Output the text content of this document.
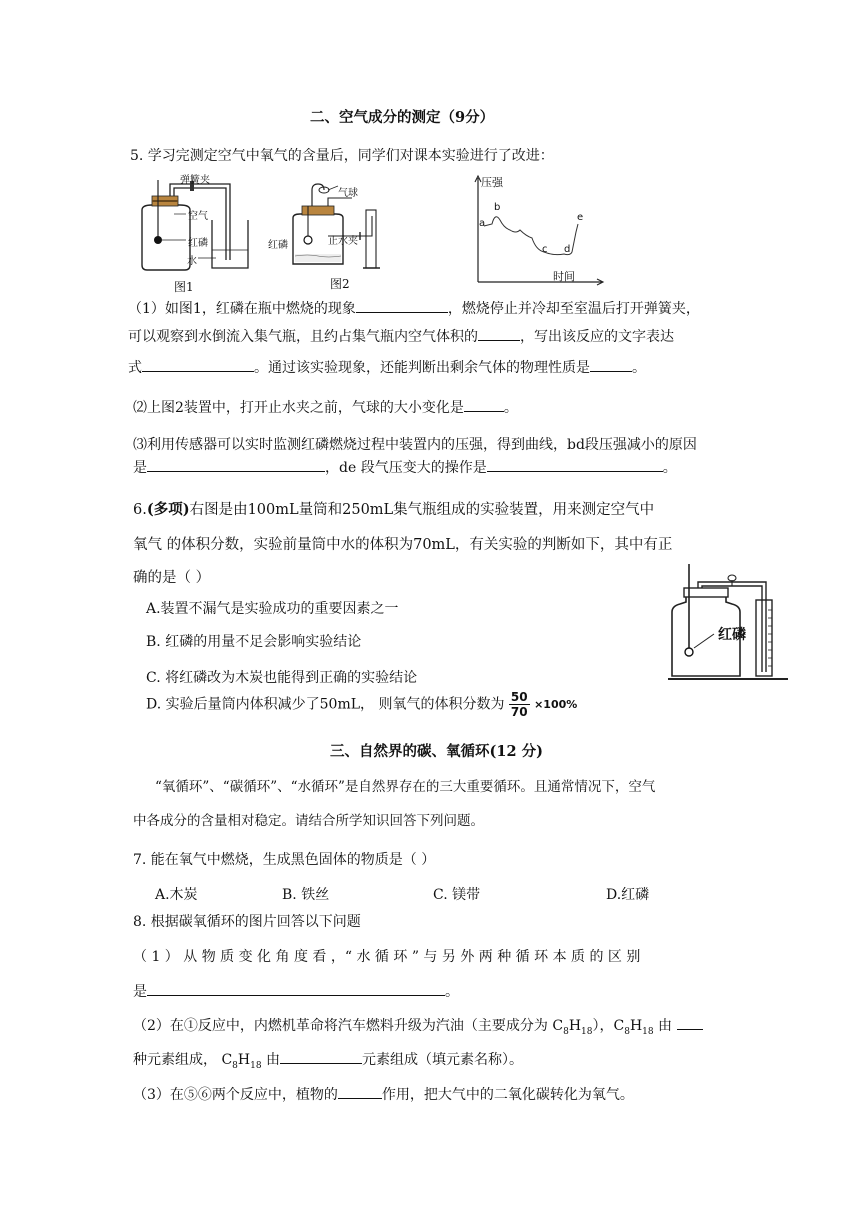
二、空气成分的测定（9分）
5. 学习完测定空气中氧气的含量后，同学们对课本实验进行了改进：
弹簧夹
空气
红磷
水
图1
气球
红磷	止水夹
图2
压强
时间
a
b
c d
e
（1）如图1，红磷在瓶中燃烧的现象	，燃烧停止并冷却至室温后打开弹簧夹，
可以观察到水倒流入集气瓶，且约占集气瓶内空气体积的	，写出该反应的文字表达
式	。通过该实验现象，还能判断出剩余气体的物理性质是	。
⑵上图2装置中，打开止水夹之前，气球的大小变化是	。
⑶利用传感器可以实时监测红磷燃烧过程中装置内的压强，得到曲线，bd段压强减小的原因
是	，de 段气压变大的操作是	。
6.(多项)右图是由100mL量筒和250mL集气瓶组成的实验装置，用来测定空气中
氧气 的体积分数，实验前量筒中水的体积为70mL，有关实验的判断如下，其中有正
确的是（ ）
A.装置不漏气是实验成功的重要因素之一
B. 红磷的用量不足会影响实验结论
C. 将红磷改为木炭也能得到正确的实验结论
D. 实验后量筒内体积减少了50mL， 则氧气的体积分数为 $\frac{50}{70} \times 100\%$
红磷
三、自然界的碳、氧循环(12 分)
“氧循环”、“碳循环”、“水循环”是自然界存在的三大重要循环。且通常情况下，空气
中各成分的含量相对稳定。请结合所学知识回答下列问题。
7. 能在氧气中燃烧，生成黑色固体的物质是（ ）
A.木炭	B. 铁丝	C. 镁带	D.红磷
8. 根据碳氧循环的图片回答以下问题
（ 1 ） 从 物 质 变 化 角 度 看 ，“ 水 循 环 ” 与 另 外 两 种 循 环 本 质 的 区 别
是	。
（2）在①反应中，内燃机革命将汽车燃料升级为汽油（主要成分为 $C_8H_{18}$），$C_8H_{18}$ 由
种元素组成， $C_8H_{18}$ 由	元素组成（填元素名称）。
（3）在⑤⑥两个反应中，植物的	作用，把大气中的二氧化碳转化为氧气。
